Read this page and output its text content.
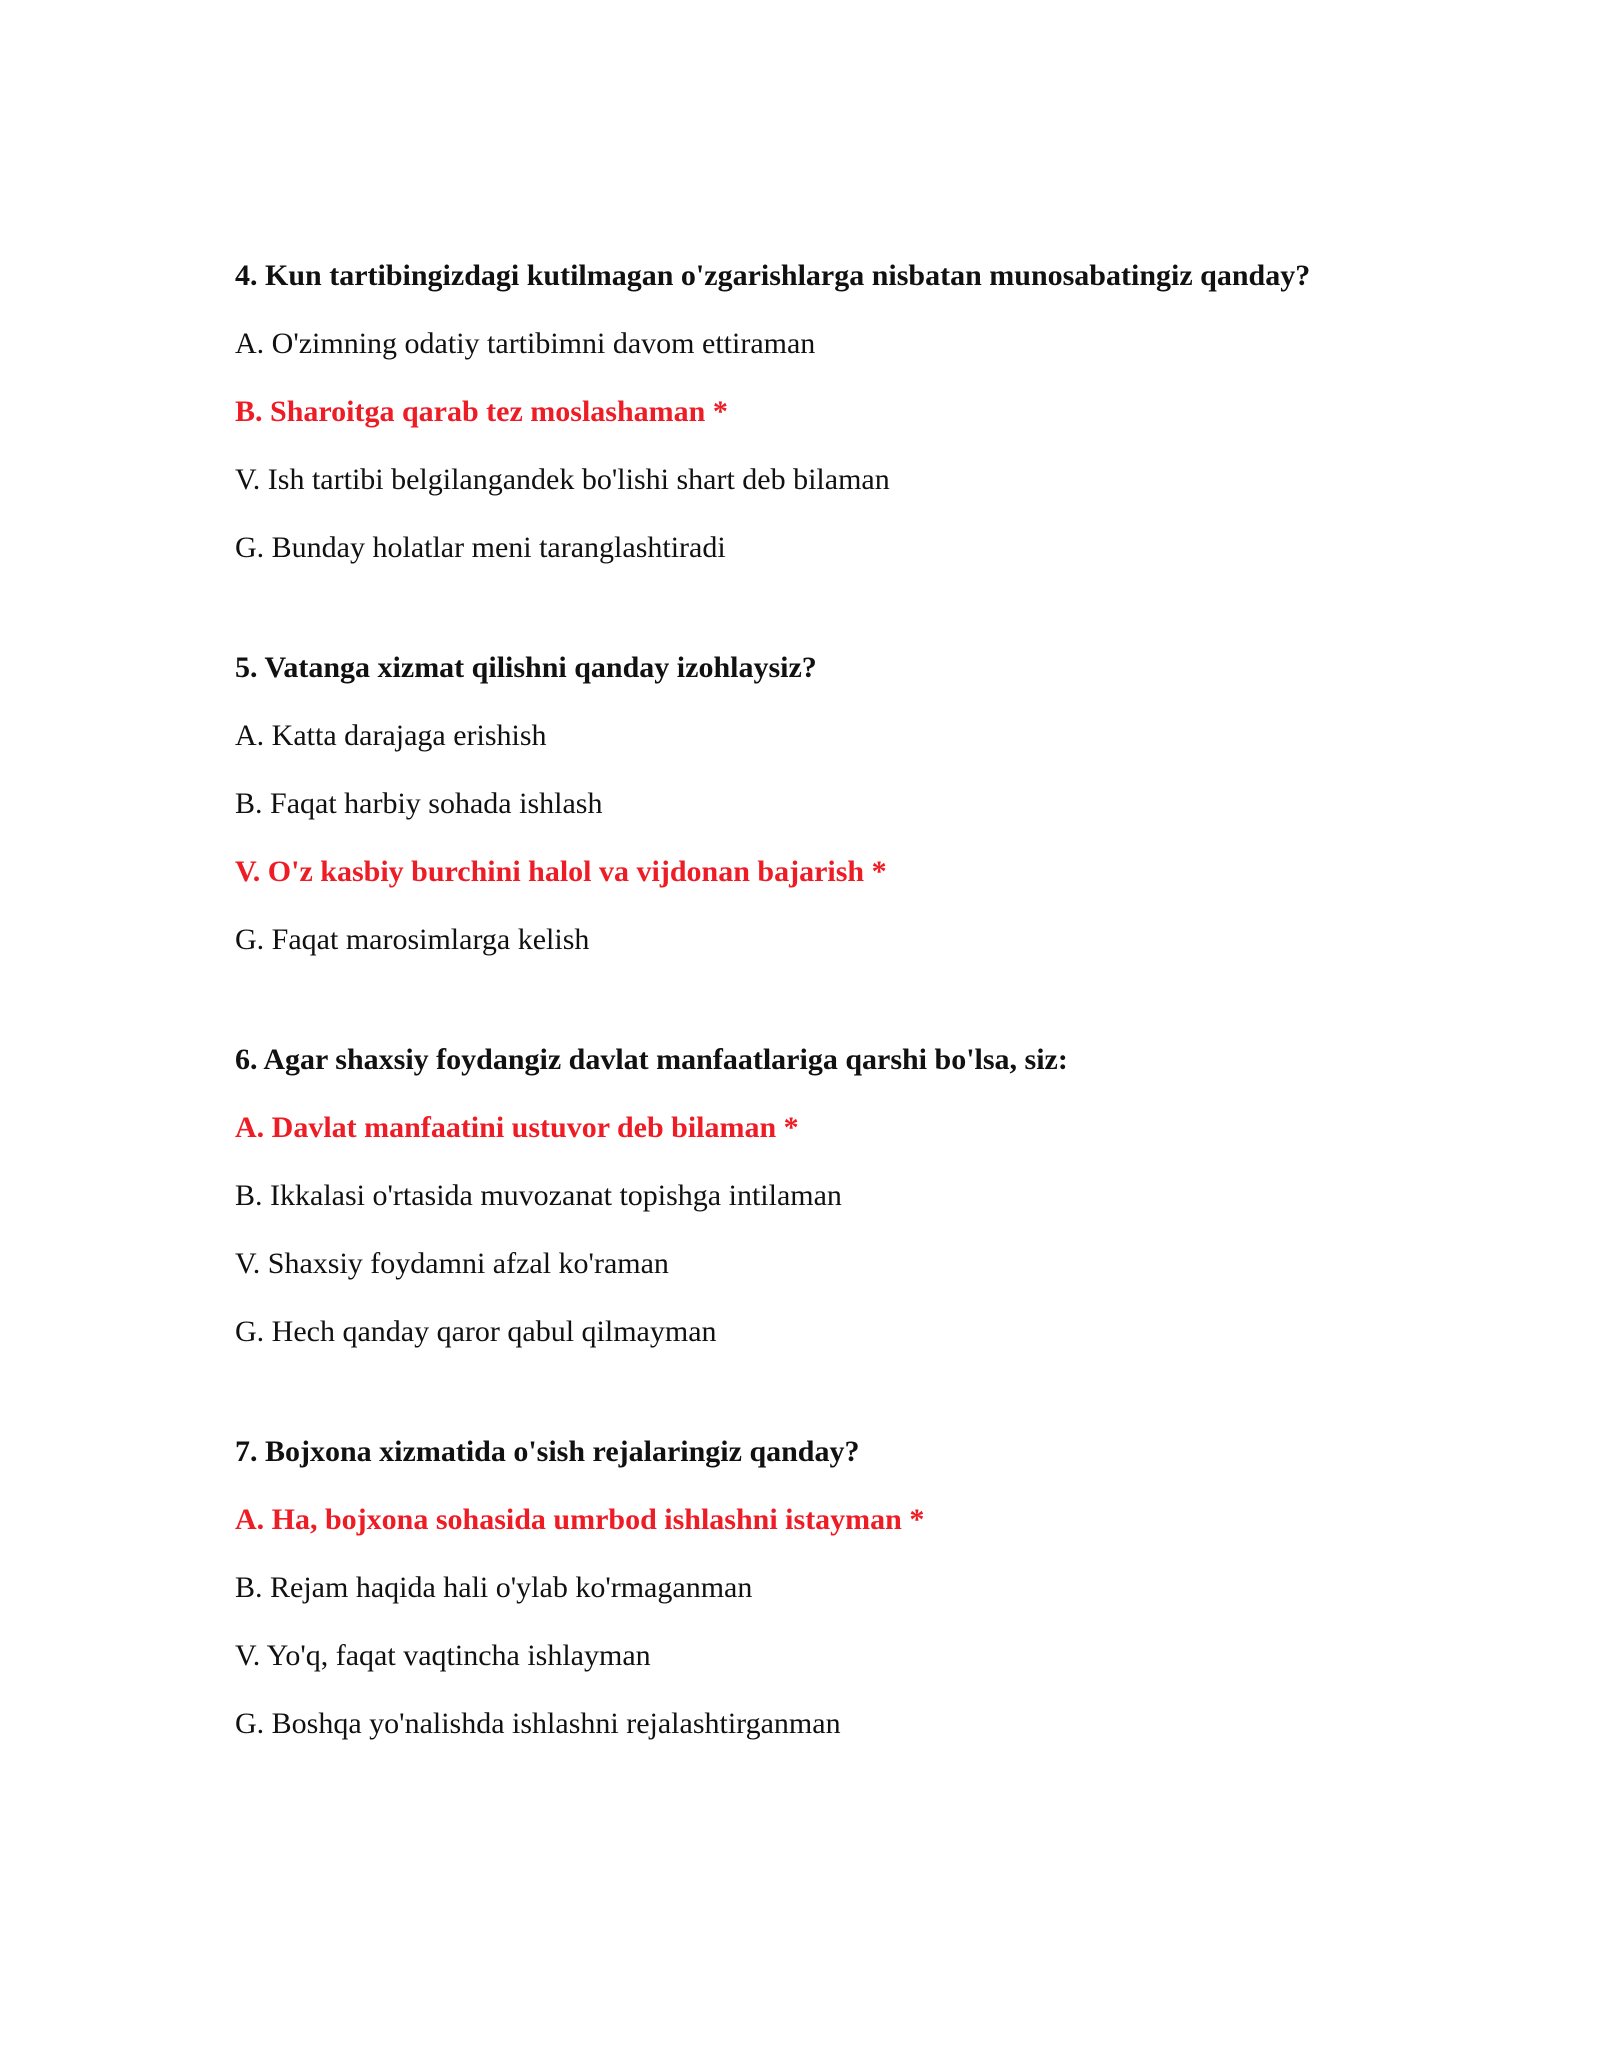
4. Kun tartibingizdagi kutilmagan o'zgarishlarga nisbatan munosabatingiz qanday?
A. O'zimning odatiy tartibimni davom ettiraman
B. Sharoitga qarab tez moslashaman *
V. Ish tartibi belgilangandek bo'lishi shart deb bilaman
G. Bunday holatlar meni taranglashtiradi
5. Vatanga xizmat qilishni qanday izohlaysiz?
A. Katta darajaga erishish
B. Faqat harbiy sohada ishlash
V. O'z kasbiy burchini halol va vijdonan bajarish *
G. Faqat marosimlarga kelish
6. Agar shaxsiy foydangiz davlat manfaatlariga qarshi bo'lsa, siz:
A. Davlat manfaatini ustuvor deb bilaman *
B. Ikkalasi o'rtasida muvozanat topishga intilaman
V. Shaxsiy foydamni afzal ko'raman
G. Hech qanday qaror qabul qilmayman
7. Bojxona xizmatida o'sish rejalaringiz qanday?
A. Ha, bojxona sohasida umrbod ishlashni istayman *
B. Rejam haqida hali o'ylab ko'rmaganman
V. Yo'q, faqat vaqtincha ishlayman
G. Boshqa yo'nalishda ishlashni rejalashtirganman
